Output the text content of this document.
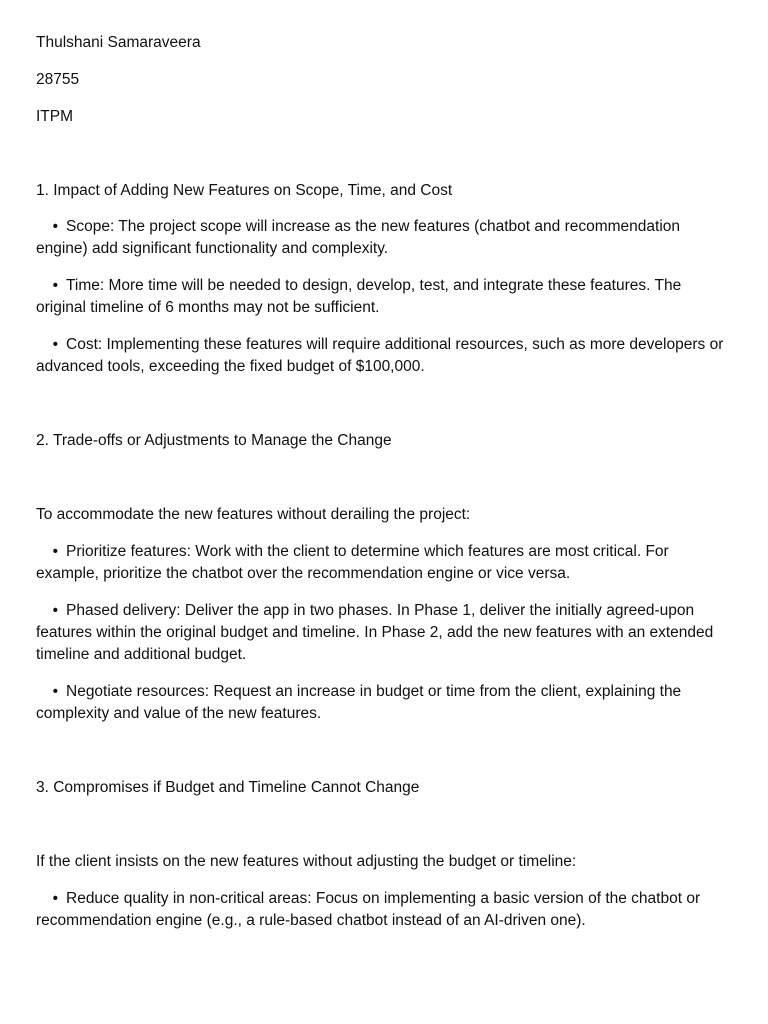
Thulshani Samaraveera

28755

ITPM

1. Impact of Adding New Features on Scope, Time, and Cost

• Scope: The project scope will increase as the new features (chatbot and recommendation engine) add significant functionality and complexity.

• Time: More time will be needed to design, develop, test, and integrate these features. The original timeline of 6 months may not be sufficient.

• Cost: Implementing these features will require additional resources, such as more developers or advanced tools, exceeding the fixed budget of $100,000.

2. Trade-offs or Adjustments to Manage the Change

To accommodate the new features without derailing the project:

• Prioritize features: Work with the client to determine which features are most critical. For example, prioritize the chatbot over the recommendation engine or vice versa.

• Phased delivery: Deliver the app in two phases. In Phase 1, deliver the initially agreed-upon features within the original budget and timeline. In Phase 2, add the new features with an extended timeline and additional budget.

• Negotiate resources: Request an increase in budget or time from the client, explaining the complexity and value of the new features.

3. Compromises if Budget and Timeline Cannot Change

If the client insists on the new features without adjusting the budget or timeline:

• Reduce quality in non-critical areas: Focus on implementing a basic version of the chatbot or recommendation engine (e.g., a rule-based chatbot instead of an AI-driven one).
